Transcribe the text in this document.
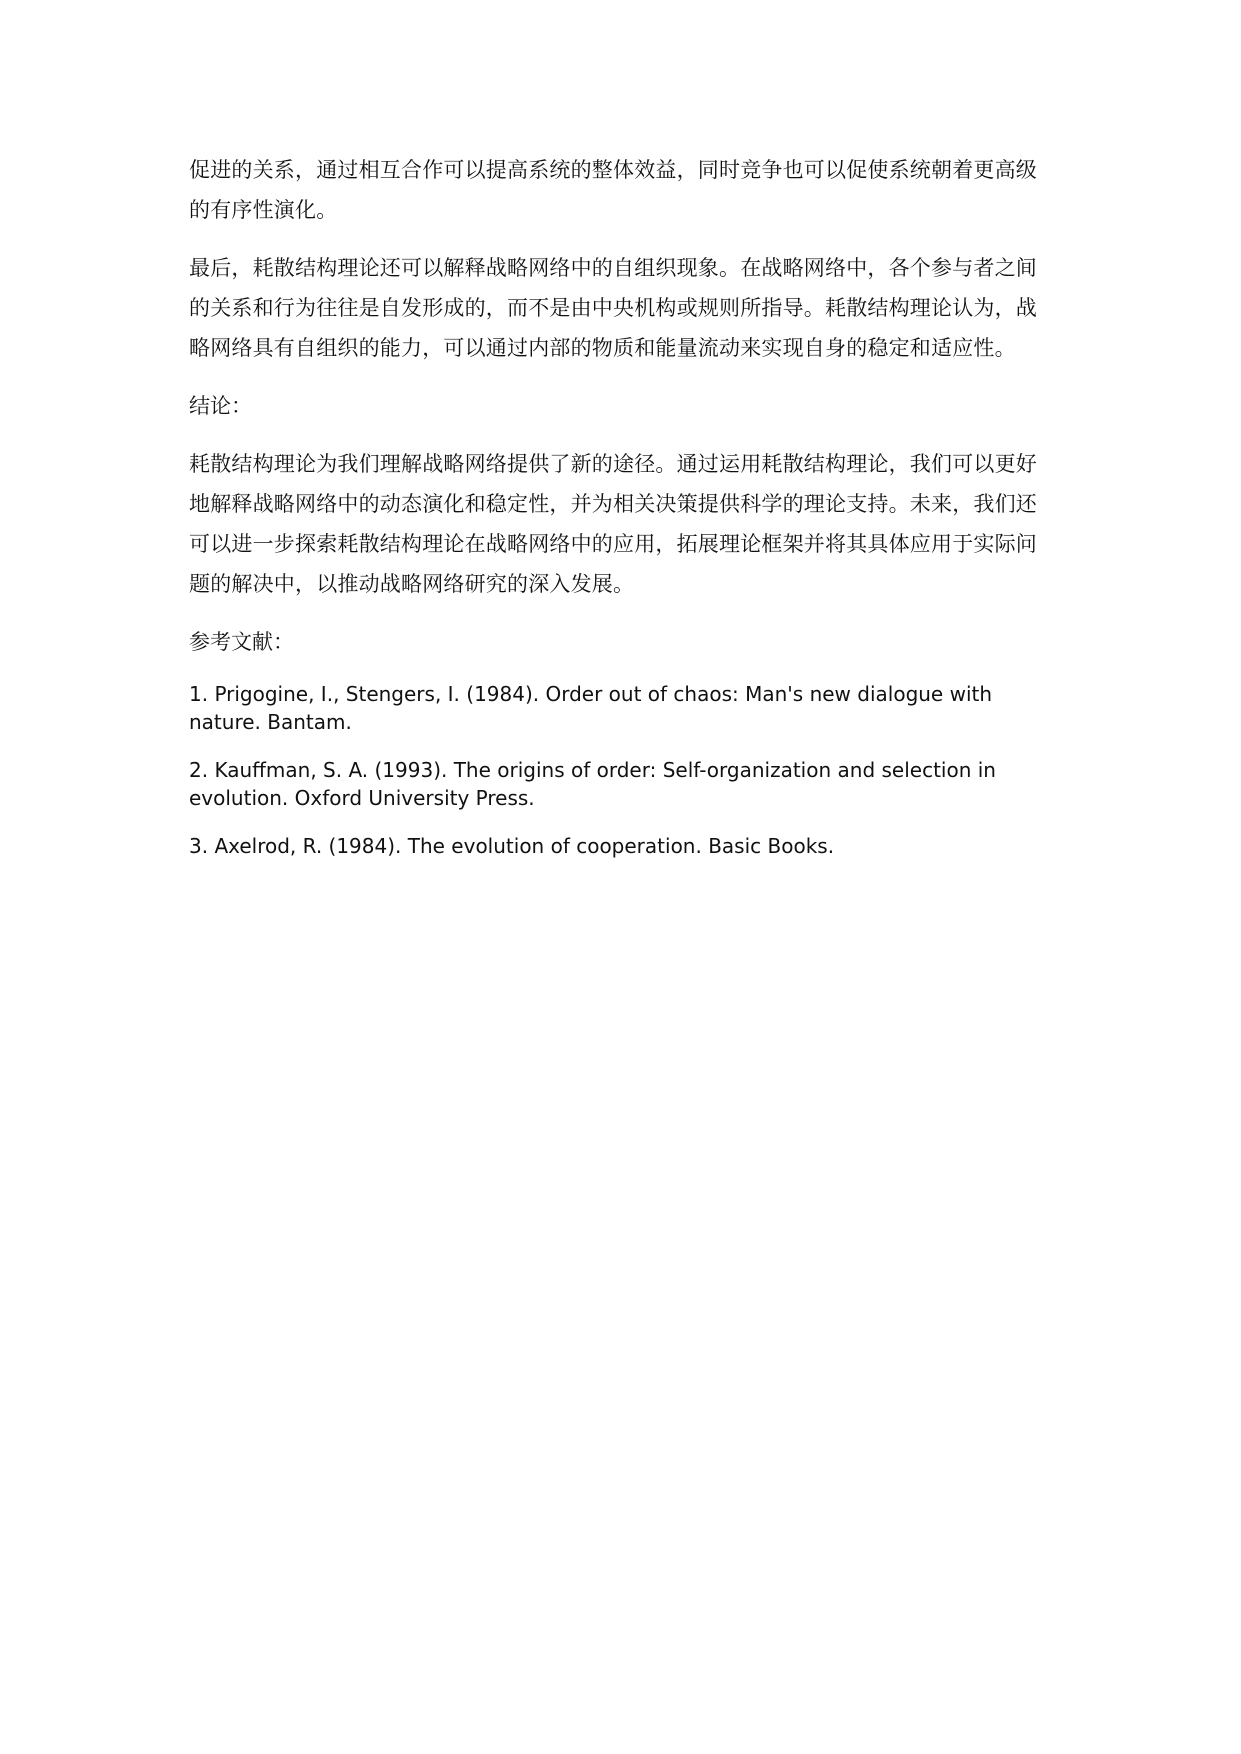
促进的关系，通过相互合作可以提高系统的整体效益，同时竞争也可以促使系统朝着更高级的有序性演化。

最后，耗散结构理论还可以解释战略网络中的自组织现象。在战略网络中，各个参与者之间的关系和行为往往是自发形成的，而不是由中央机构或规则所指导。耗散结构理论认为，战略网络具有自组织的能力，可以通过内部的物质和能量流动来实现自身的稳定和适应性。

结论：

耗散结构理论为我们理解战略网络提供了新的途径。通过运用耗散结构理论，我们可以更好地解释战略网络中的动态演化和稳定性，并为相关决策提供科学的理论支持。未来，我们还可以进一步探索耗散结构理论在战略网络中的应用，拓展理论框架并将其具体应用于实际问题的解决中，以推动战略网络研究的深入发展。

参考文献：

1. Prigogine, I., Stengers, I. (1984). Order out of chaos: Man's new dialogue with nature. Bantam.

2. Kauffman, S. A. (1993). The origins of order: Self-organization and selection in evolution. Oxford University Press.

3. Axelrod, R. (1984). The evolution of cooperation. Basic Books.
